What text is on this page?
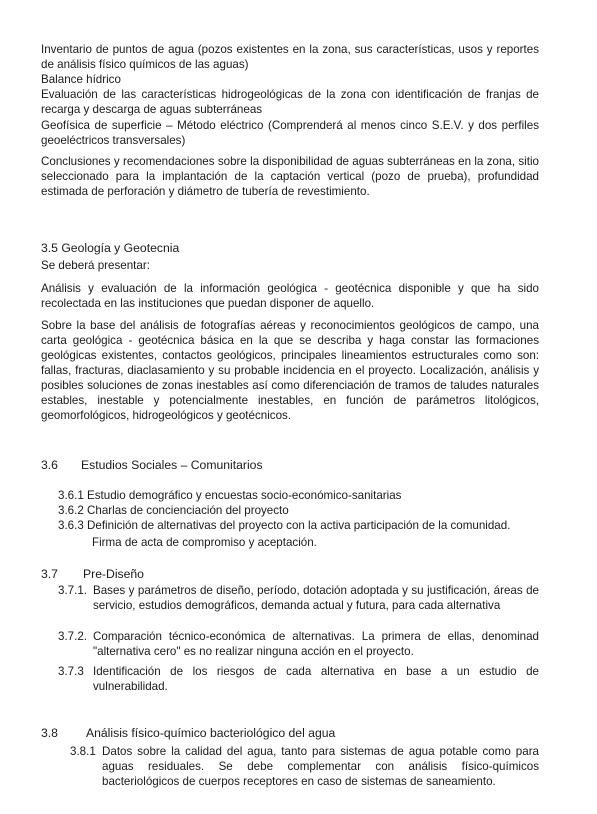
Inventario de puntos de agua (pozos existentes en la zona, sus características, usos y reportes de análisis físico químicos de las aguas)

Balance hídrico

Evaluación de las características hidrogeológicas de la zona con identificación de franjas de recarga y descarga de aguas subterráneas

Geofísica de superficie – Método eléctrico (Comprenderá al menos cinco S.E.V. y dos perfiles geoeléctricos transversales)

Conclusiones y recomendaciones sobre la disponibilidad de aguas subterráneas en la zona, sitio seleccionado para la implantación de la captación vertical (pozo de prueba), profundidad estimada de perforación y diámetro de tubería de revestimiento.

3.5 Geología y Geotecnia

Se deberá presentar:

Análisis y evaluación de la información geológica - geotécnica disponible y que ha sido recolectada en las instituciones que puedan disponer de aquello.

Sobre la base del análisis de fotografías aéreas y reconocimientos geológicos de campo, una carta geológica - geotécnica básica en la que se describa y haga constar las formaciones geológicas existentes, contactos geológicos, principales lineamientos estructurales como son: fallas, fracturas, diaclasamiento y su probable incidencia en el proyecto. Localización, análisis y posibles soluciones de zonas inestables así como diferenciación de tramos de taludes naturales estables, inestable y potencialmente inestables, en función de parámetros litológicos, geomorfológicos, hidrogeológicos y geotécnicos.

3.6 Estudios Sociales – Comunitarios

3.6.1 Estudio demográfico y encuestas socio-económico-sanitarias

3.6.2 Charlas de concienciación del proyecto

3.6.3 Definición de alternativas del proyecto con la activa participación de la comunidad.

Firma de acta de compromiso y aceptación.

3.7 Pre-Diseño

3.7.1. Bases y parámetros de diseño, período, dotación adoptada y su justificación, áreas de servicio, estudios demográficos, demanda actual y futura, para cada alternativa

3.7.2. Comparación técnico-económica de alternativas. La primera de ellas, denominad "alternativa cero" es no realizar ninguna acción en el proyecto.

3.7.3 Identificación de los riesgos de cada alternativa en base a un estudio de vulnerabilidad.

3.8 Análisis físico-químico bacteriológico del agua

3.8.1 Datos sobre la calidad del agua, tanto para sistemas de agua potable como para aguas residuales. Se debe complementar con análisis físico-químicos bacteriológicos de cuerpos receptores en caso de sistemas de saneamiento.
